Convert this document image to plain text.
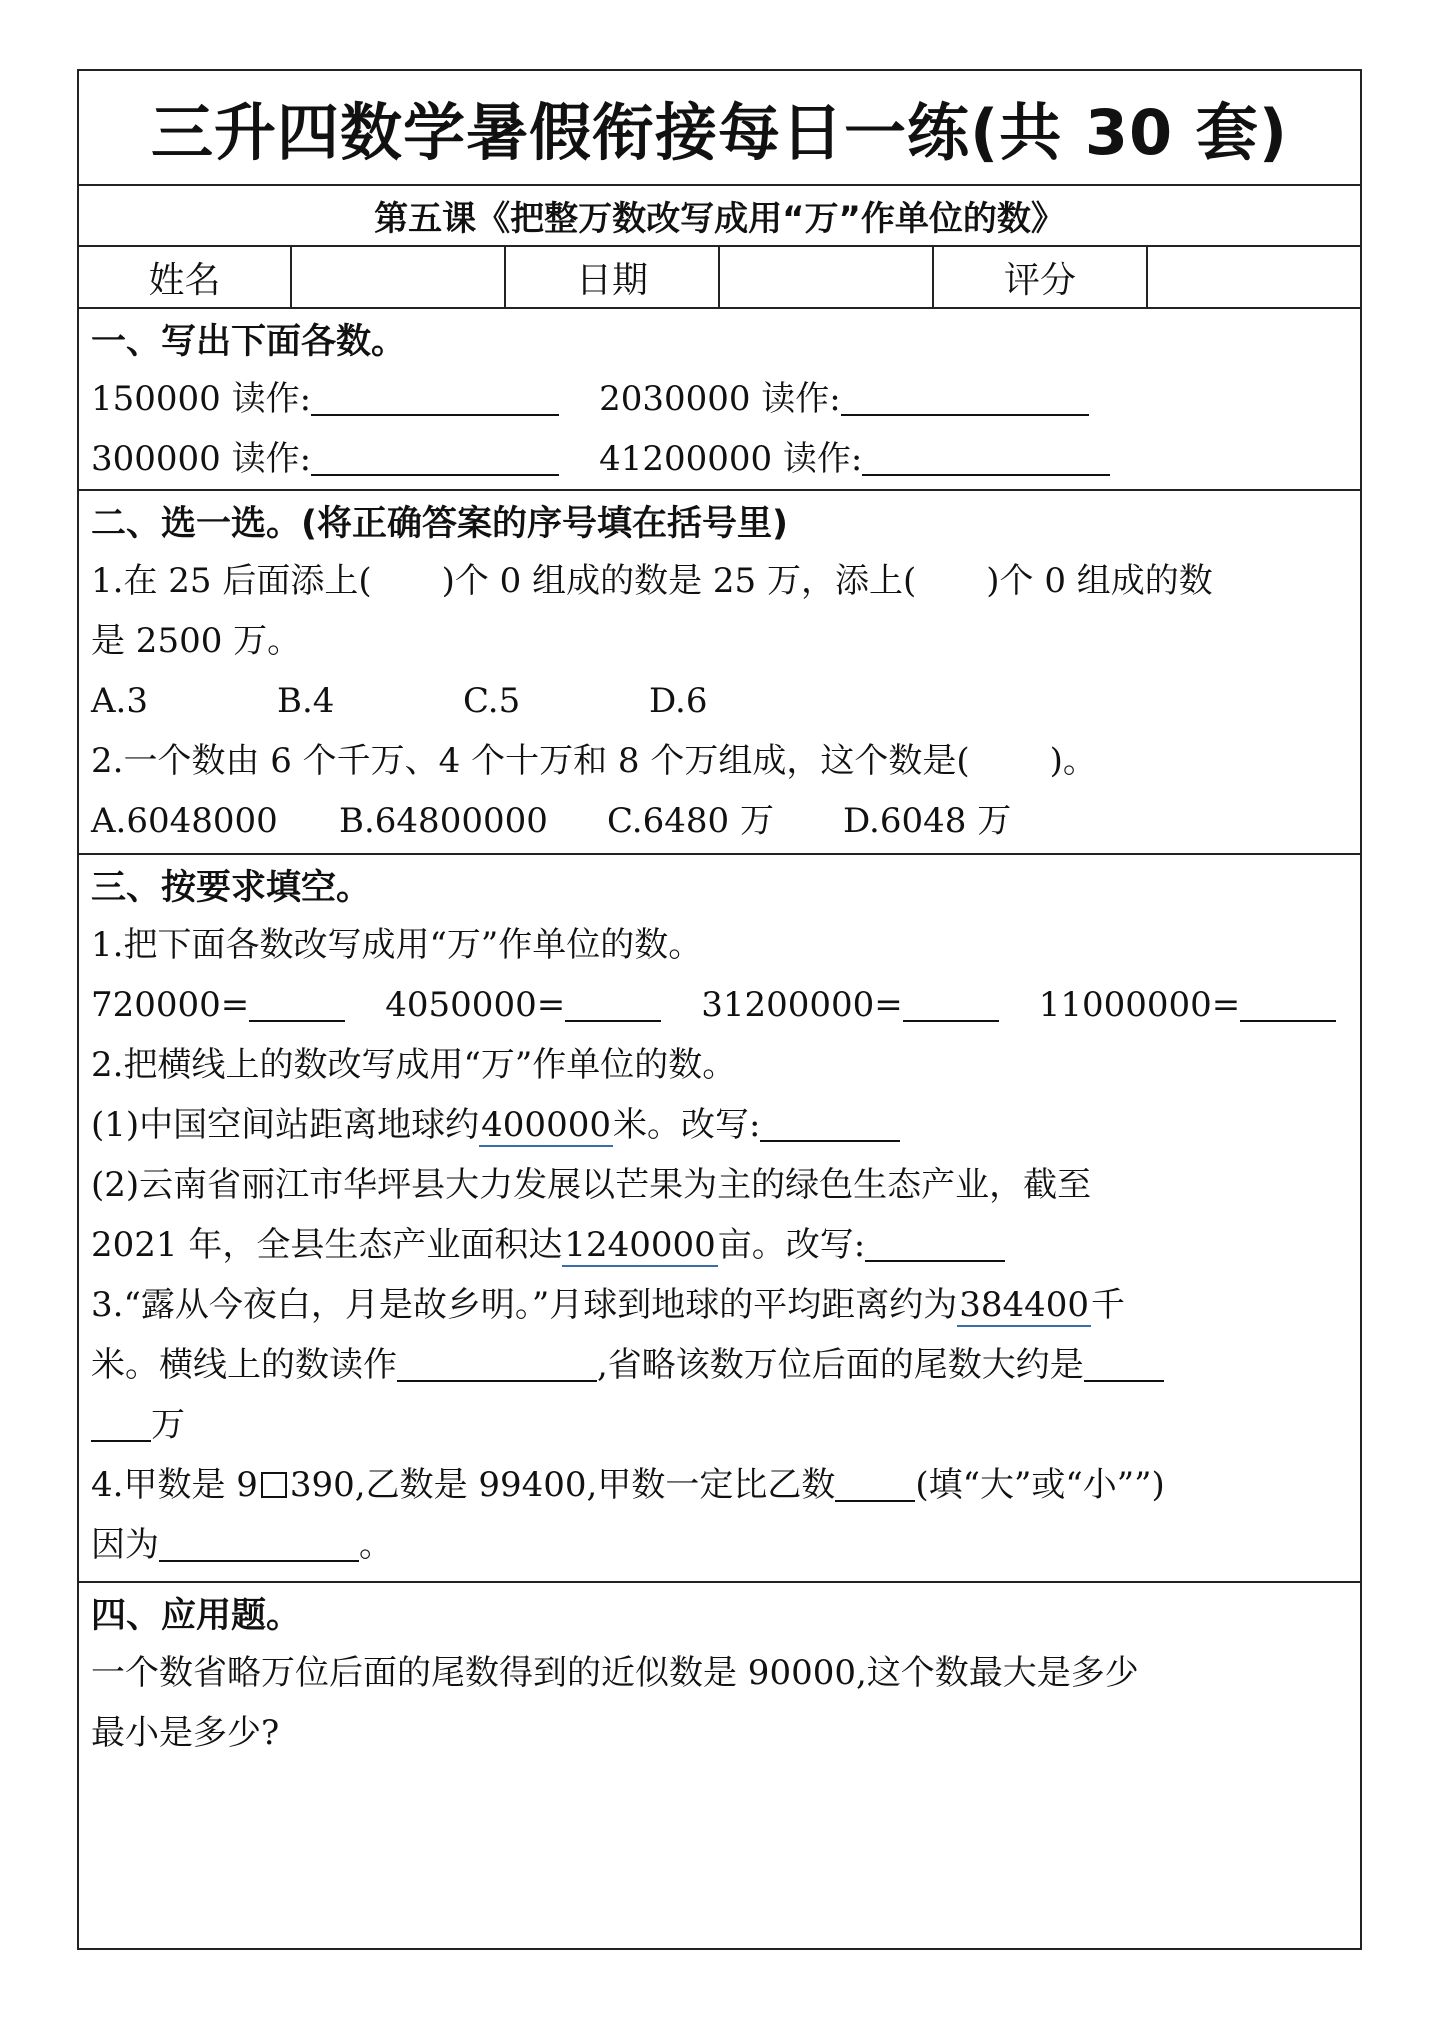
三升四数学暑假衔接每日一练(共 30 套)
第五课《把整万数改写成用“万”作单位的数》
姓名	日期	评分
一、写出下面各数。
150000 读作:	2030000 读作:
300000 读作:	41200000 读作:
二、选一选。(将正确答案的序号填在括号里)
1.在 25 后面添上( )个 0 组成的数是 25 万，添上( )个 0 组成的数
是 2500 万。
A.3	B.4	C.5	D.6
2.一个数由 6 个千万、4 个十万和 8 个万组成，这个数是( )。
A.6048000 B.64800000 C.6480 万 D.6048 万
三、按要求填空。
1.把下面各数改写成用“万”作单位的数。
720000=	4050000=	31200000=	11000000=
2.把横线上的数改写成用“万”作单位的数。
(1)中国空间站距离地球约400000米。改写:
(2)云南省丽江市华坪县大力发展以芒果为主的绿色生态产业，截至
2021 年，全县生态产业面积达1240000亩。改写:
3.“露从今夜白，月是故乡明。”月球到地球的平均距离约为384400千
米。横线上的数读作	,省略该数万位后面的尾数大约是
万
4.甲数是 9 390,乙数是 99400,甲数一定比乙数 (填“大”或“小””)
因为	。
四、应用题。
一个数省略万位后面的尾数得到的近似数是 90000,这个数最大是多少
最小是多少?
